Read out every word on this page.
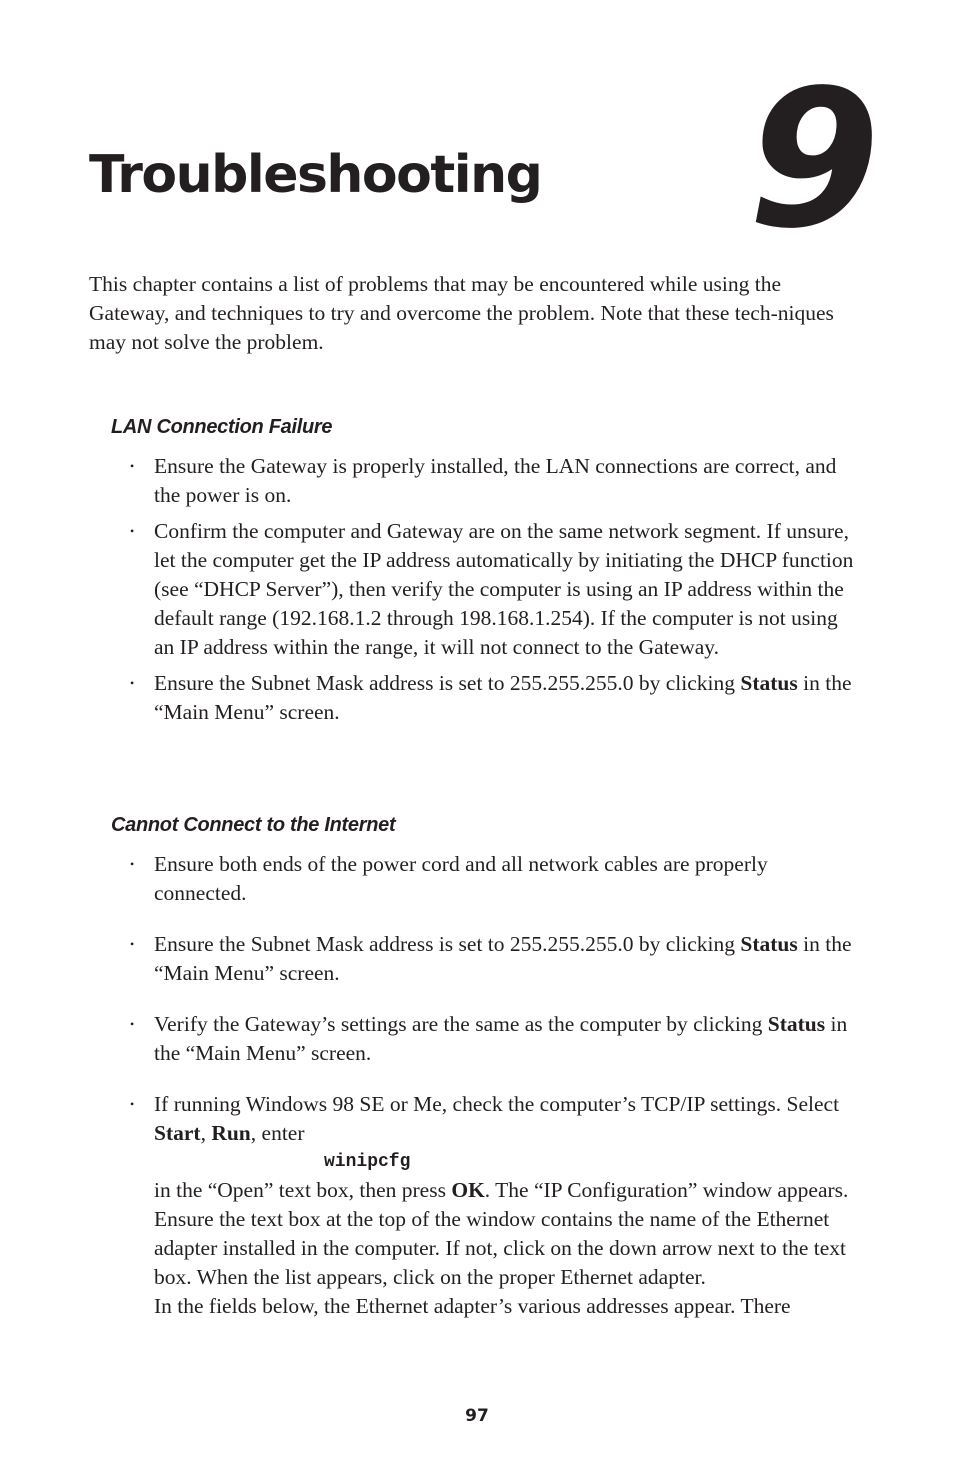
9
Troubleshooting
This chapter contains a list of problems that may be encountered while using the Gateway, and techniques to try and overcome the problem. Note that these tech-niques may not solve the problem.
LAN Connection Failure
• Ensure the Gateway is properly installed, the LAN connections are correct, and the power is on.
• Confirm the computer and Gateway are on the same network segment. If unsure, let the computer get the IP address automatically by initiating the DHCP function (see “DHCP Server”), then verify the computer is using an IP address within the default range (192.168.1.2 through 198.168.1.254). If the computer is not using an IP address within the range, it will not connect to the Gateway.
• Ensure the Subnet Mask address is set to 255.255.255.0 by clicking Status in the “Main Menu” screen.
Cannot Connect to the Internet
• Ensure both ends of the power cord and all network cables are properly connected.
• Ensure the Subnet Mask address is set to 255.255.255.0 by clicking Status in the “Main Menu” screen.
• Verify the Gateway’s settings are the same as the computer by clicking Status in the “Main Menu” screen.
• If running Windows 98 SE or Me, check the computer’s TCP/IP settings. Select Start, Run, enter
winipcfg
in the “Open” text box, then press OK. The “IP Configuration” window appears. Ensure the text box at the top of the window contains the name of the Ethernet adapter installed in the computer. If not, click on the down arrow next to the text box. When the list appears, click on the proper Ethernet adapter.
In the fields below, the Ethernet adapter’s various addresses appear. There
97
